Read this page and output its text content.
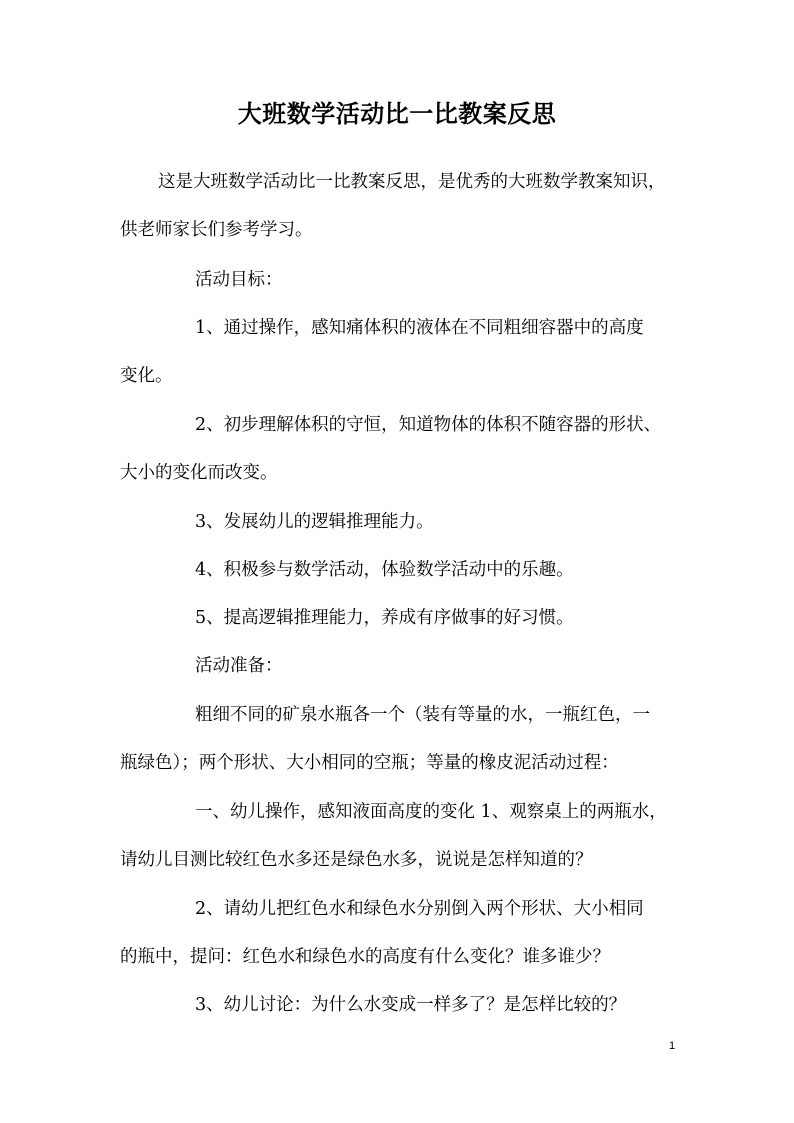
大班数学活动比一比教案反思
这是大班数学活动比一比教案反思，是优秀的大班数学教案知识，
供老师家长们参考学习。
活动目标：
1、通过操作，感知痛体积的液体在不同粗细容器中的高度
变化。
2、初步理解体积的守恒，知道物体的体积不随容器的形状、
大小的变化而改变。
3、发展幼儿的逻辑推理能力。
4、积极参与数学活动，体验数学活动中的乐趣。
5、提高逻辑推理能力，养成有序做事的好习惯。
活动准备：
粗细不同的矿泉水瓶各一个（装有等量的水，一瓶红色，一
瓶绿色）；两个形状、大小相同的空瓶；等量的橡皮泥活动过程：
一、幼儿操作，感知液面高度的变化 1、观察桌上的两瓶水，
请幼儿目测比较红色水多还是绿色水多，说说是怎样知道的？
2、请幼儿把红色水和绿色水分别倒入两个形状、大小相同
的瓶中，提问：红色水和绿色水的高度有什么变化？谁多谁少？
3、幼儿讨论：为什么水变成一样多了？是怎样比较的？
1
